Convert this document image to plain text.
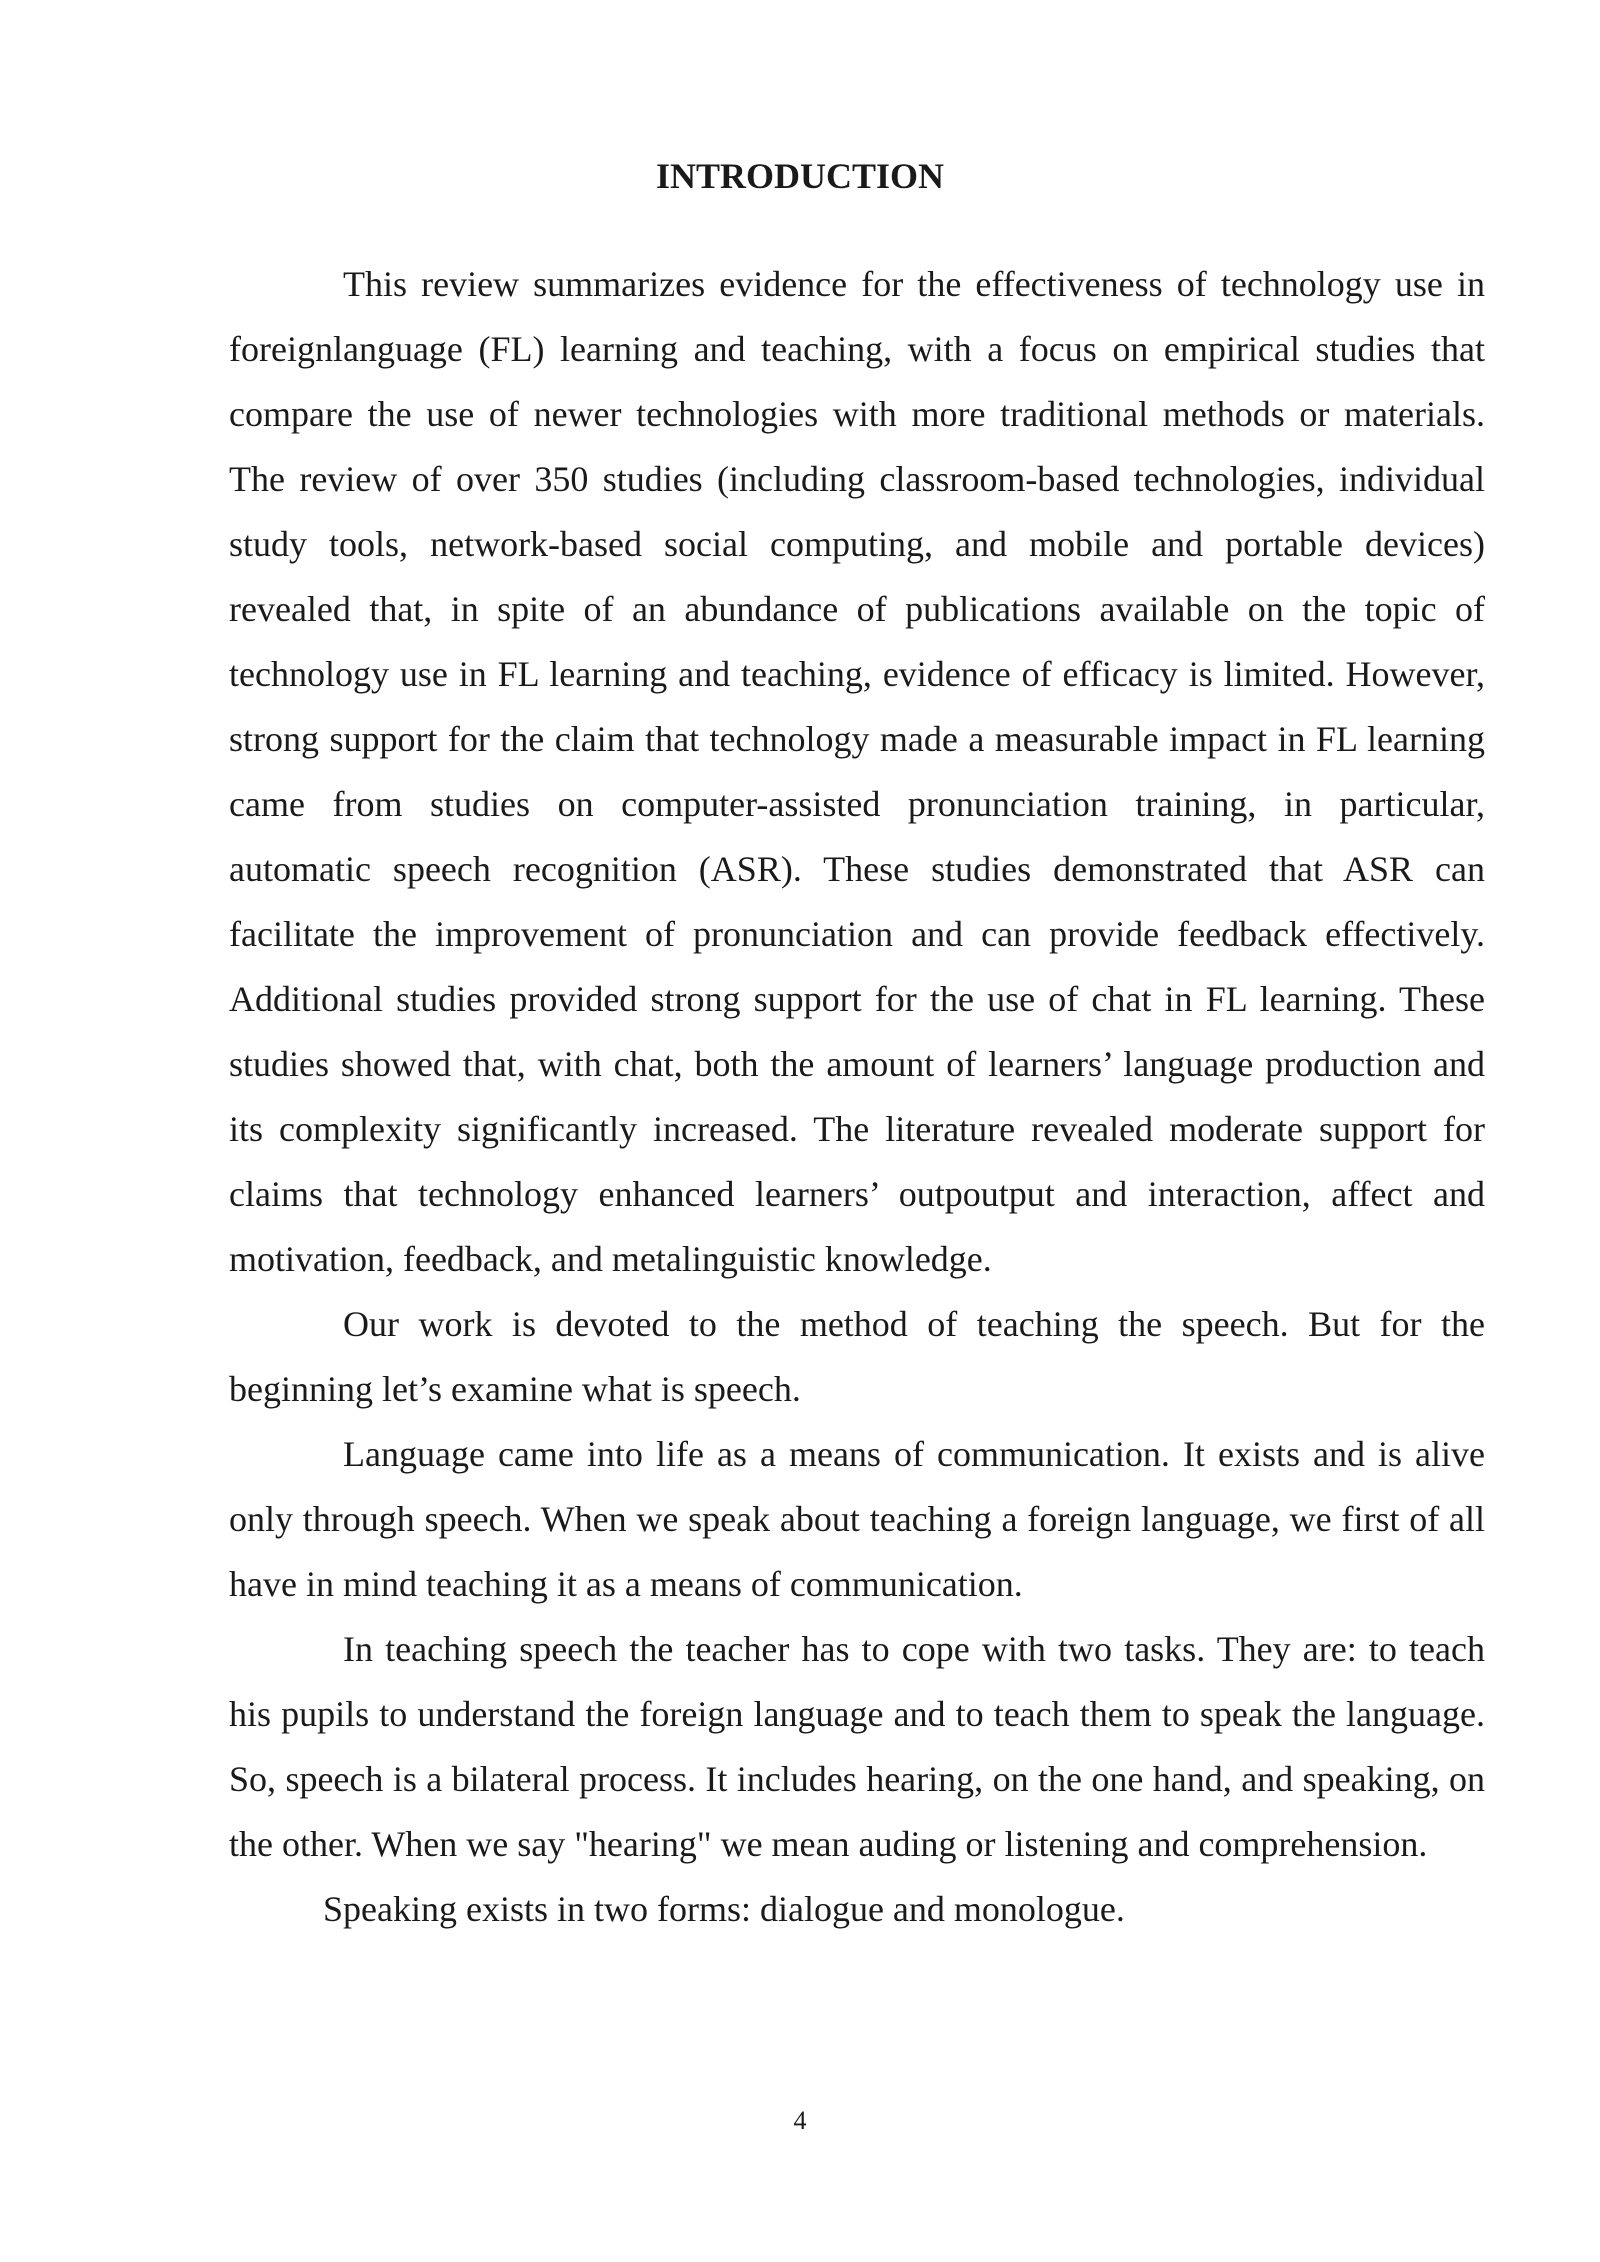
INTRODUCTION

This review summarizes evidence for the effectiveness of technology use in foreignlanguage (FL) learning and teaching, with a focus on empirical studies that compare the use of newer technologies with more traditional methods or materials. The review of over 350 studies (including classroom-based technologies, individual study tools, network-based social computing, and mobile and portable devices) revealed that, in spite of an abundance of publications available on the topic of technology use in FL learning and teaching, evidence of efficacy is limited. However, strong support for the claim that technology made a measurable impact in FL learning came from studies on computer-assisted pronunciation training, in particular, automatic speech recognition (ASR). These studies demonstrated that ASR can facilitate the improvement of pronunciation and can provide feedback effectively. Additional studies provided strong support for the use of chat in FL learning. These studies showed that, with chat, both the amount of learners’ language production and its complexity significantly increased. The literature revealed moderate support for claims that technology enhanced learners’ outpoutput and interaction, affect and motivation, feedback, and metalinguistic knowledge.

Our work is devoted to the method of teaching the speech. But for the beginning let’s examine what is speech.

Language came into life as a means of communication. It exists and is alive only through speech. When we speak about teaching a foreign language, we first of all have in mind teaching it as a means of communication.

In teaching speech the teacher has to cope with two tasks. They are: to teach his pupils to understand the foreign language and to teach them to speak the language. So, speech is a bilateral process. It includes hearing, on the one hand, and speaking, on the other. When we say "hearing" we mean auding or listening and comprehension.

Speaking exists in two forms: dialogue and monologue.

4
